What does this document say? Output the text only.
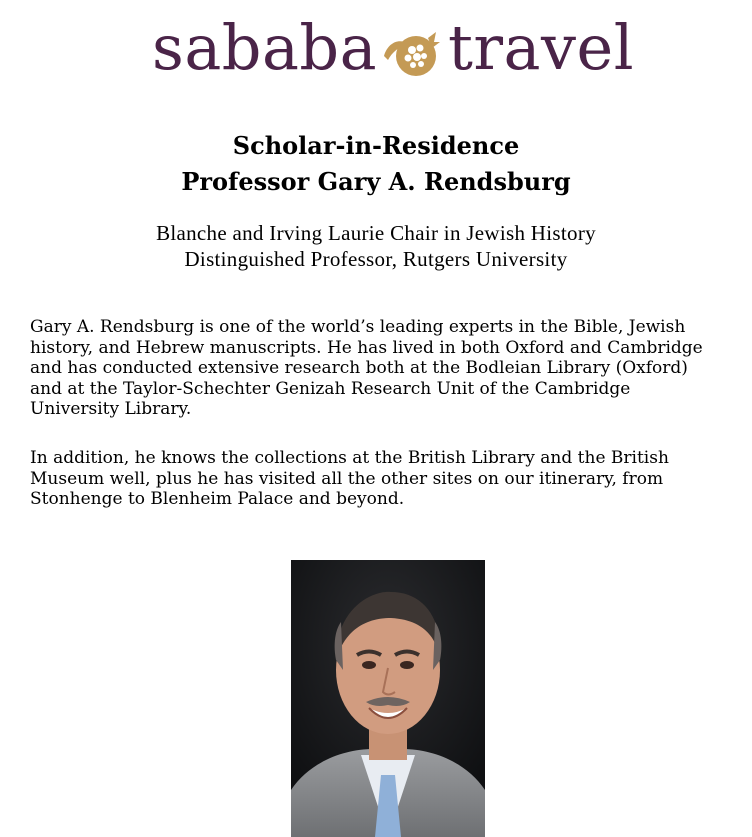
sababa travel
Scholar-in-Residence
Professor Gary A. Rendsburg
Blanche and Irving Laurie Chair in Jewish History
Distinguished Professor, Rutgers University
Gary A. Rendsburg is one of the world’s leading experts in the Bible, Jewish
history, and Hebrew manuscripts. He has lived in both Oxford and Cambridge
and has conducted extensive research both at the Bodleian Library (Oxford)
and at the Taylor-Schechter Genizah Research Unit of the Cambridge
University Library.
In addition, he knows the collections at the British Library and the British
Museum well, plus he has visited all the other sites on our itinerary, from
Stonhenge to Blenheim Palace and beyond.
